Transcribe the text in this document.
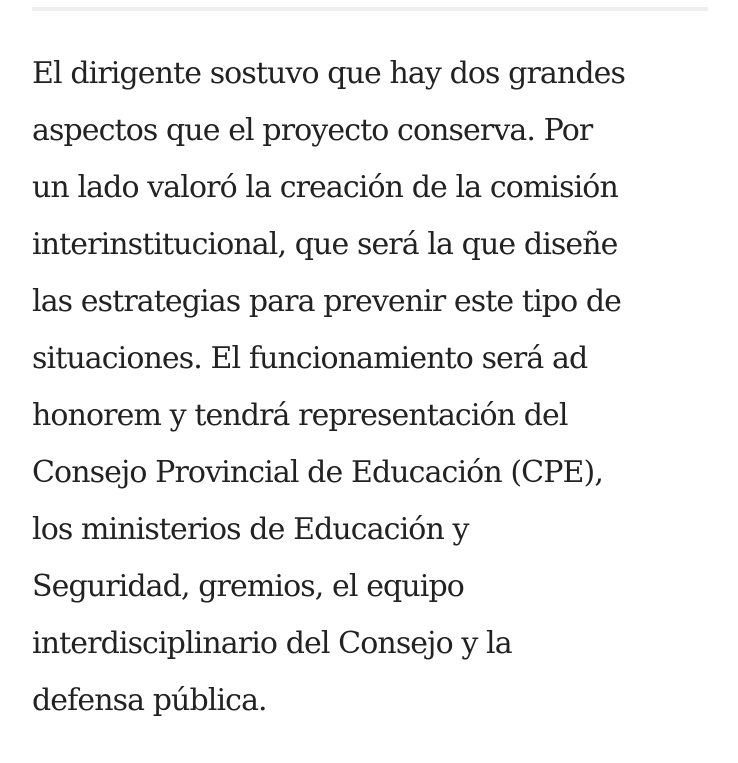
El dirigente sostuvo que hay dos grandes
aspectos que el proyecto conserva. Por
un lado valoró la creación de la comisión
interinstitucional, que será la que diseñe
las estrategias para prevenir este tipo de
situaciones. El funcionamiento será ad
honorem y tendrá representación del
Consejo Provincial de Educación (CPE),
los ministerios de Educación y
Seguridad, gremios, el equipo
interdisciplinario del Consejo y la
defensa pública.
